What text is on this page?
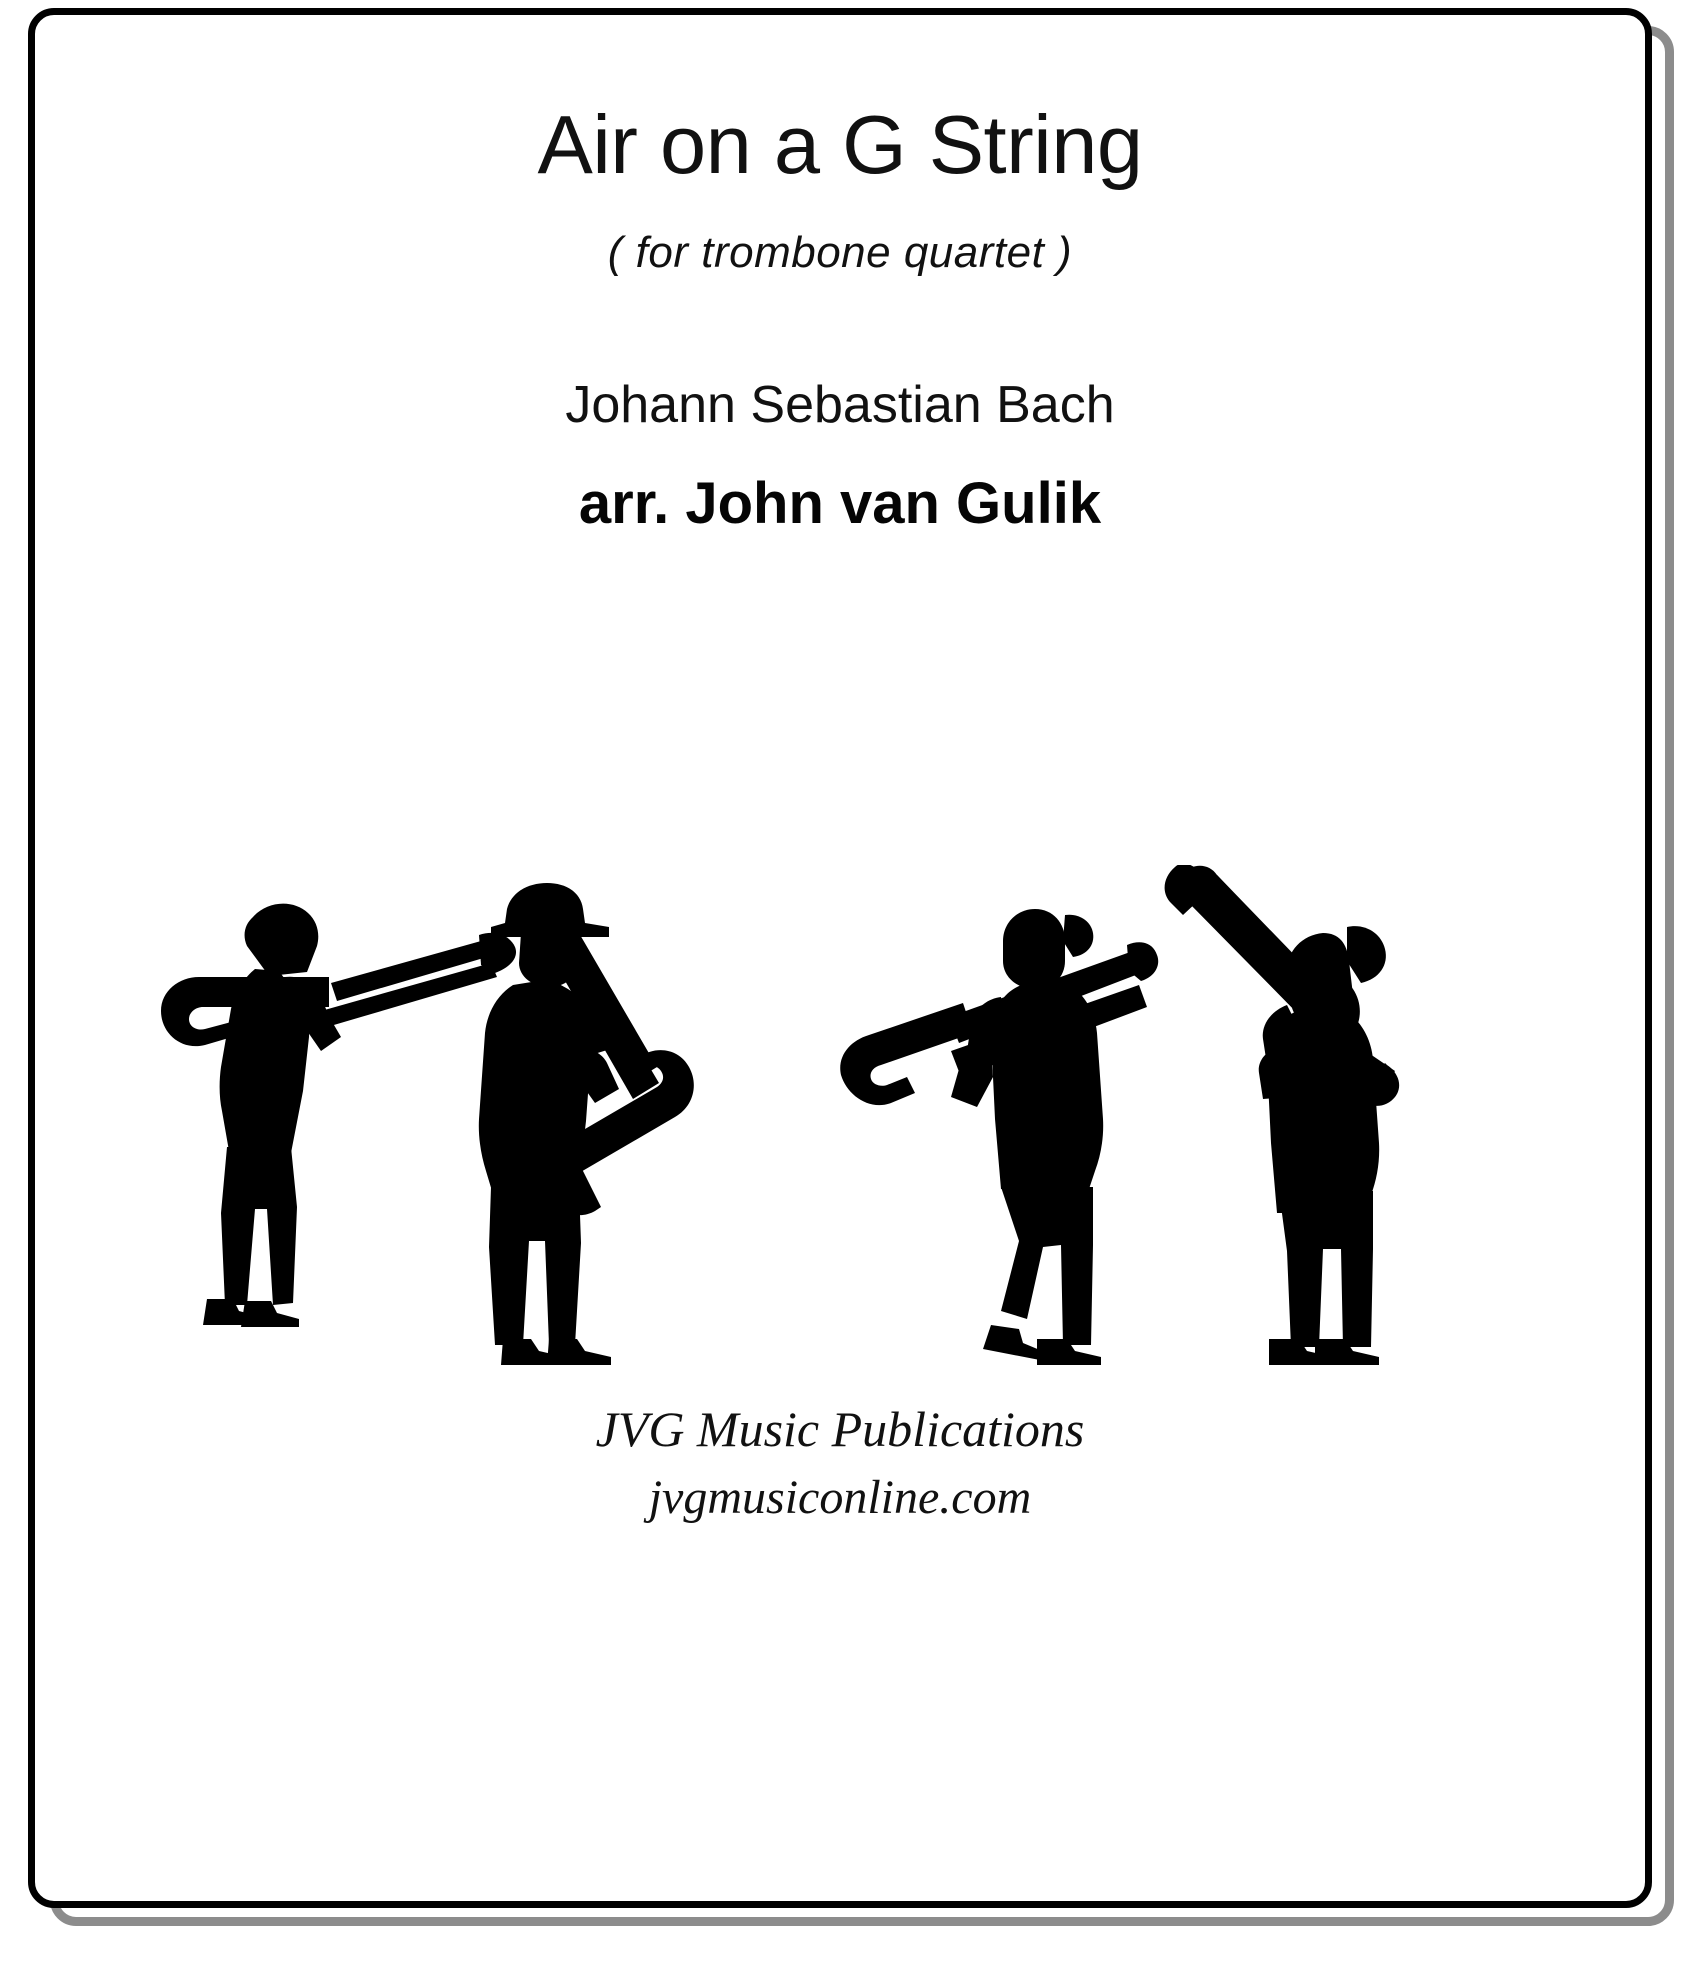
Air on a G String
( for trombone quartet )
Johann Sebastian Bach
arr. John van Gulik
JVG Music Publications
jvgmusiconline.com
